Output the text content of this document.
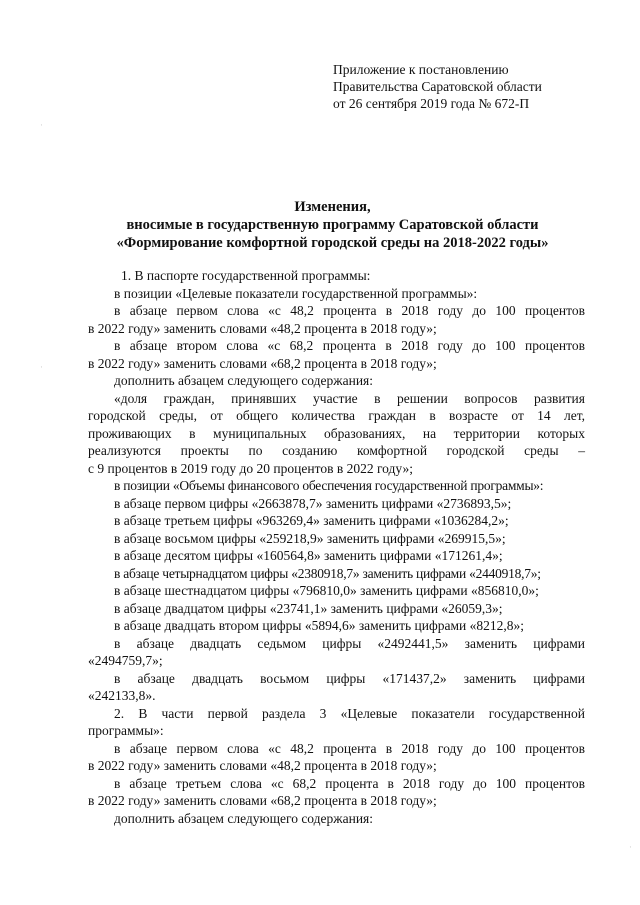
Приложение к постановлению
Правительства Саратовской области
от 26 сентября 2019 года № 672-П
Изменения,
вносимые в государственную программу Саратовской области
«Формирование комфортной городской среды на 2018-2022 годы»

1. В паспорте государственной программы:

в позиции «Целевые показатели государственной программы»:

в абзаце первом слова «с 48,2 процента в 2018 году до 100 процентов
в 2022 году» заменить словами «48,2 процента в 2018 году»;

в абзаце втором слова «с 68,2 процента в 2018 году до 100 процентов
в 2022 году» заменить словами «68,2 процента в 2018 году»;

дополнить абзацем следующего содержания:

«доля граждан, принявших участие в решении вопросов развития
городской среды, от общего количества граждан в возрасте от 14 лет,
проживающих в муниципальных образованиях, на территории которых
реализуются проекты по созданию комфортной городской среды –
с 9 процентов в 2019 году до 20 процентов в 2022 году»;

в позиции «Объемы финансового обеспечения государственной программы»:

в абзаце первом цифры «2663878,7» заменить цифрами «2736893,5»;

в абзаце третьем цифры «963269,4» заменить цифрами «1036284,2»;

в абзаце восьмом цифры «259218,9» заменить цифрами «269915,5»;

в абзаце десятом цифры «160564,8» заменить цифрами «171261,4»;

в абзаце четырнадцатом цифры «2380918,7» заменить цифрами «2440918,7»;

в абзаце шестнадцатом цифры «796810,0» заменить цифрами «856810,0»;

в абзаце двадцатом цифры «23741,1» заменить цифрами «26059,3»;

в абзаце двадцать втором цифры «5894,6» заменить цифрами «8212,8»;

в абзаце двадцать седьмом цифры «2492441,5» заменить цифрами
«2494759,7»;

в абзаце двадцать восьмом цифры «171437,2» заменить цифрами
«242133,8».

2. В части первой раздела 3 «Целевые показатели государственной
программы»:

в абзаце первом слова «с 48,2 процента в 2018 году до 100 процентов
в 2022 году» заменить словами «48,2 процента в 2018 году»;

в абзаце третьем слова «с 68,2 процента в 2018 году до 100 процентов
в 2022 году» заменить словами «68,2 процента в 2018 году»;

дополнить абзацем следующего содержания:

·
·
·
